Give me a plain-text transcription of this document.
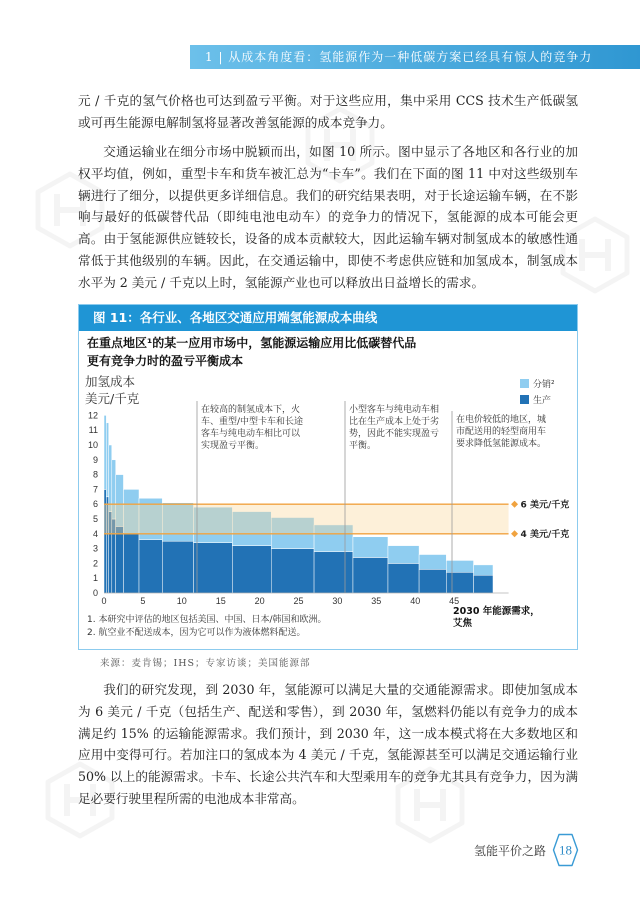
1 | 从成本角度看：氢能源作为一种低碳方案已经具有惊人的竞争力
元 / 千克的氢气价格也可达到盈亏平衡。对于这些应用，集中采用 CCS 技术生产低碳氢或可再生能源电解制氢将显著改善氢能源的成本竞争力。
交通运输业在细分市场中脱颖而出，如图 10 所示。图中显示了各地区和各行业的加权平均值，例如，重型卡车和货车被汇总为“卡车”。我们在下面的图 11 中对这些级别车辆进行了细分，以提供更多详细信息。我们的研究结果表明，对于长途运输车辆，在不影响与最好的低碳替代品（即纯电池电动车）的竞争力的情况下，氢能源的成本可能会更高。由于氢能源供应链较长，设备的成本贡献较大，因此运输车辆对制氢成本的敏感性通常低于其他级别的车辆。因此，在交通运输中，即使不考虑供应链和加氢成本，制氢成本水平为 2 美元 / 千克以上时，氢能源产业也可以释放出日益增长的需求。
6 美元/千克
4 美元/千克
0
1
2
3
4
5
6
7
8
9
10
11
12
0	5	10	15	20	25	30	35	40	45
图 11：各行业、各地区交通应用端氢能源成本曲线
在重点地区¹的某一应用市场中，氢能源运输应用比低碳替代品
更有竞争力时的盈亏平衡成本
加氢成本
美元/千克
分销²
生产
在较高的制氢成本下，火
车、重型/中型卡车和长途
客车与纯电动车相比可以
实现盈亏平衡。
小型客车与纯电动车相
比在生产成本上处于劣
势，因此不能实现盈亏
平衡。
在电价较低的地区，城
市配送用的轻型商用车
要求降低氢能源成本。
2030 年能源需求，
艾焦
1. 本研究中评估的地区包括美国、中国、日本/韩国和欧洲。
2. 航空业不配送成本，因为它可以作为液体燃料配送。
来源：麦肯锡；IHS；专家访谈；美国能源部
我们的研究发现，到 2030 年，氢能源可以满足大量的交通能源需求。即使加氢成本为 6 美元 / 千克（包括生产、配送和零售），到 2030 年，氢燃料仍能以有竞争力的成本满足约 15% 的运输能源需求。我们预计，到 2030 年，这一成本模式将在大多数地区和应用中变得可行。若加注口的氢成本为 4 美元 / 千克，氢能源甚至可以满足交通运输行业 50% 以上的能源需求。卡车、长途公共汽车和大型乘用车的竞争尤其具有竞争力，因为满足必要行驶里程所需的电池成本非常高。
氢能平价之路 18
